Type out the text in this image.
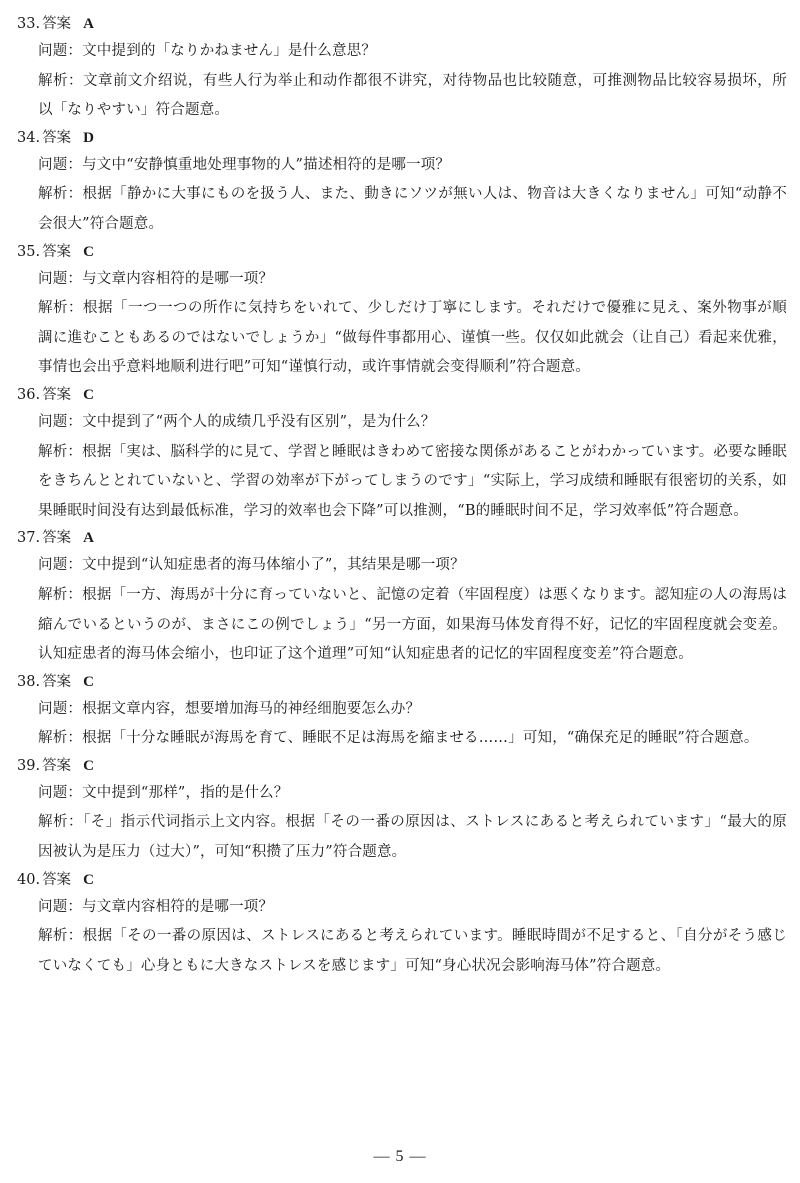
33. 答案 A
问题：文中提到的「なりかねません」是什么意思？
解析：文章前文介绍说，有些人行为举止和动作都很不讲究，对待物品也比较随意，可推测物品比较容易损坏，所以「なりやすい」符合题意。
34. 答案 D
问题：与文中“安静慎重地处理事物的人”描述相符的是哪一项？
解析：根据「静かに大事にものを扱う人、また、動きにソツが無い人は、物音は大きくなりません」可知“动静不会很大”符合题意。
35. 答案 C
问题：与文章内容相符的是哪一项？
解析：根据「一つ一つの所作に気持ちをいれて、少しだけ丁寧にします。それだけで優雅に見え、案外物事が順調に進むこともあるのではないでしょうか」“做每件事都用心、谨慎一些。仅仅如此就会（让自己）看起来优雅，事情也会出乎意料地顺利进行吧”可知“谨慎行动，或许事情就会变得顺利”符合题意。
36. 答案 C
问题：文中提到了“两个人的成绩几乎没有区别”，是为什么？
解析：根据「実は、脳科学的に見て、学習と睡眠はきわめて密接な関係があることがわかっています。必要な睡眠をきちんととれていないと、学習の効率が下がってしまうのです」“实际上，学习成绩和睡眠有很密切的关系，如果睡眠时间没有达到最低标准，学习的效率也会下降”可以推测，“B的睡眠时间不足，学习效率低”符合题意。
37. 答案 A
问题：文中提到“认知症患者的海马体缩小了”，其结果是哪一项？
解析：根据「一方、海馬が十分に育っていないと、記憶の定着（牢固程度）は悪くなります。認知症の人の海馬は縮んでいるというのが、まさにこの例でしょう」“另一方面，如果海马体发育得不好，记忆的牢固程度就会变差。认知症患者的海马体会缩小，也印证了这个道理”可知“认知症患者的记忆的牢固程度变差”符合题意。
38. 答案 C
问题：根据文章内容，想要增加海马的神经细胞要怎么办？
解析：根据「十分な睡眠が海馬を育て、睡眠不足は海馬を縮ませる……」可知，“确保充足的睡眠”符合题意。
39. 答案 C
问题：文中提到“那样”，指的是什么？
解析：「そ」指示代词指示上文内容。根据「その一番の原因は、ストレスにあると考えられています」“最大的原因被认为是压力（过大）”，可知“积攒了压力”符合题意。
40. 答案 C
问题：与文章内容相符的是哪一项？
解析：根据「その一番の原因は、ストレスにあると考えられています。睡眠時間が不足すると、「自分がそう感じていなくても」心身ともに大きなストレスを感じます」可知“身心状况会影响海马体”符合题意。
— 5 —
